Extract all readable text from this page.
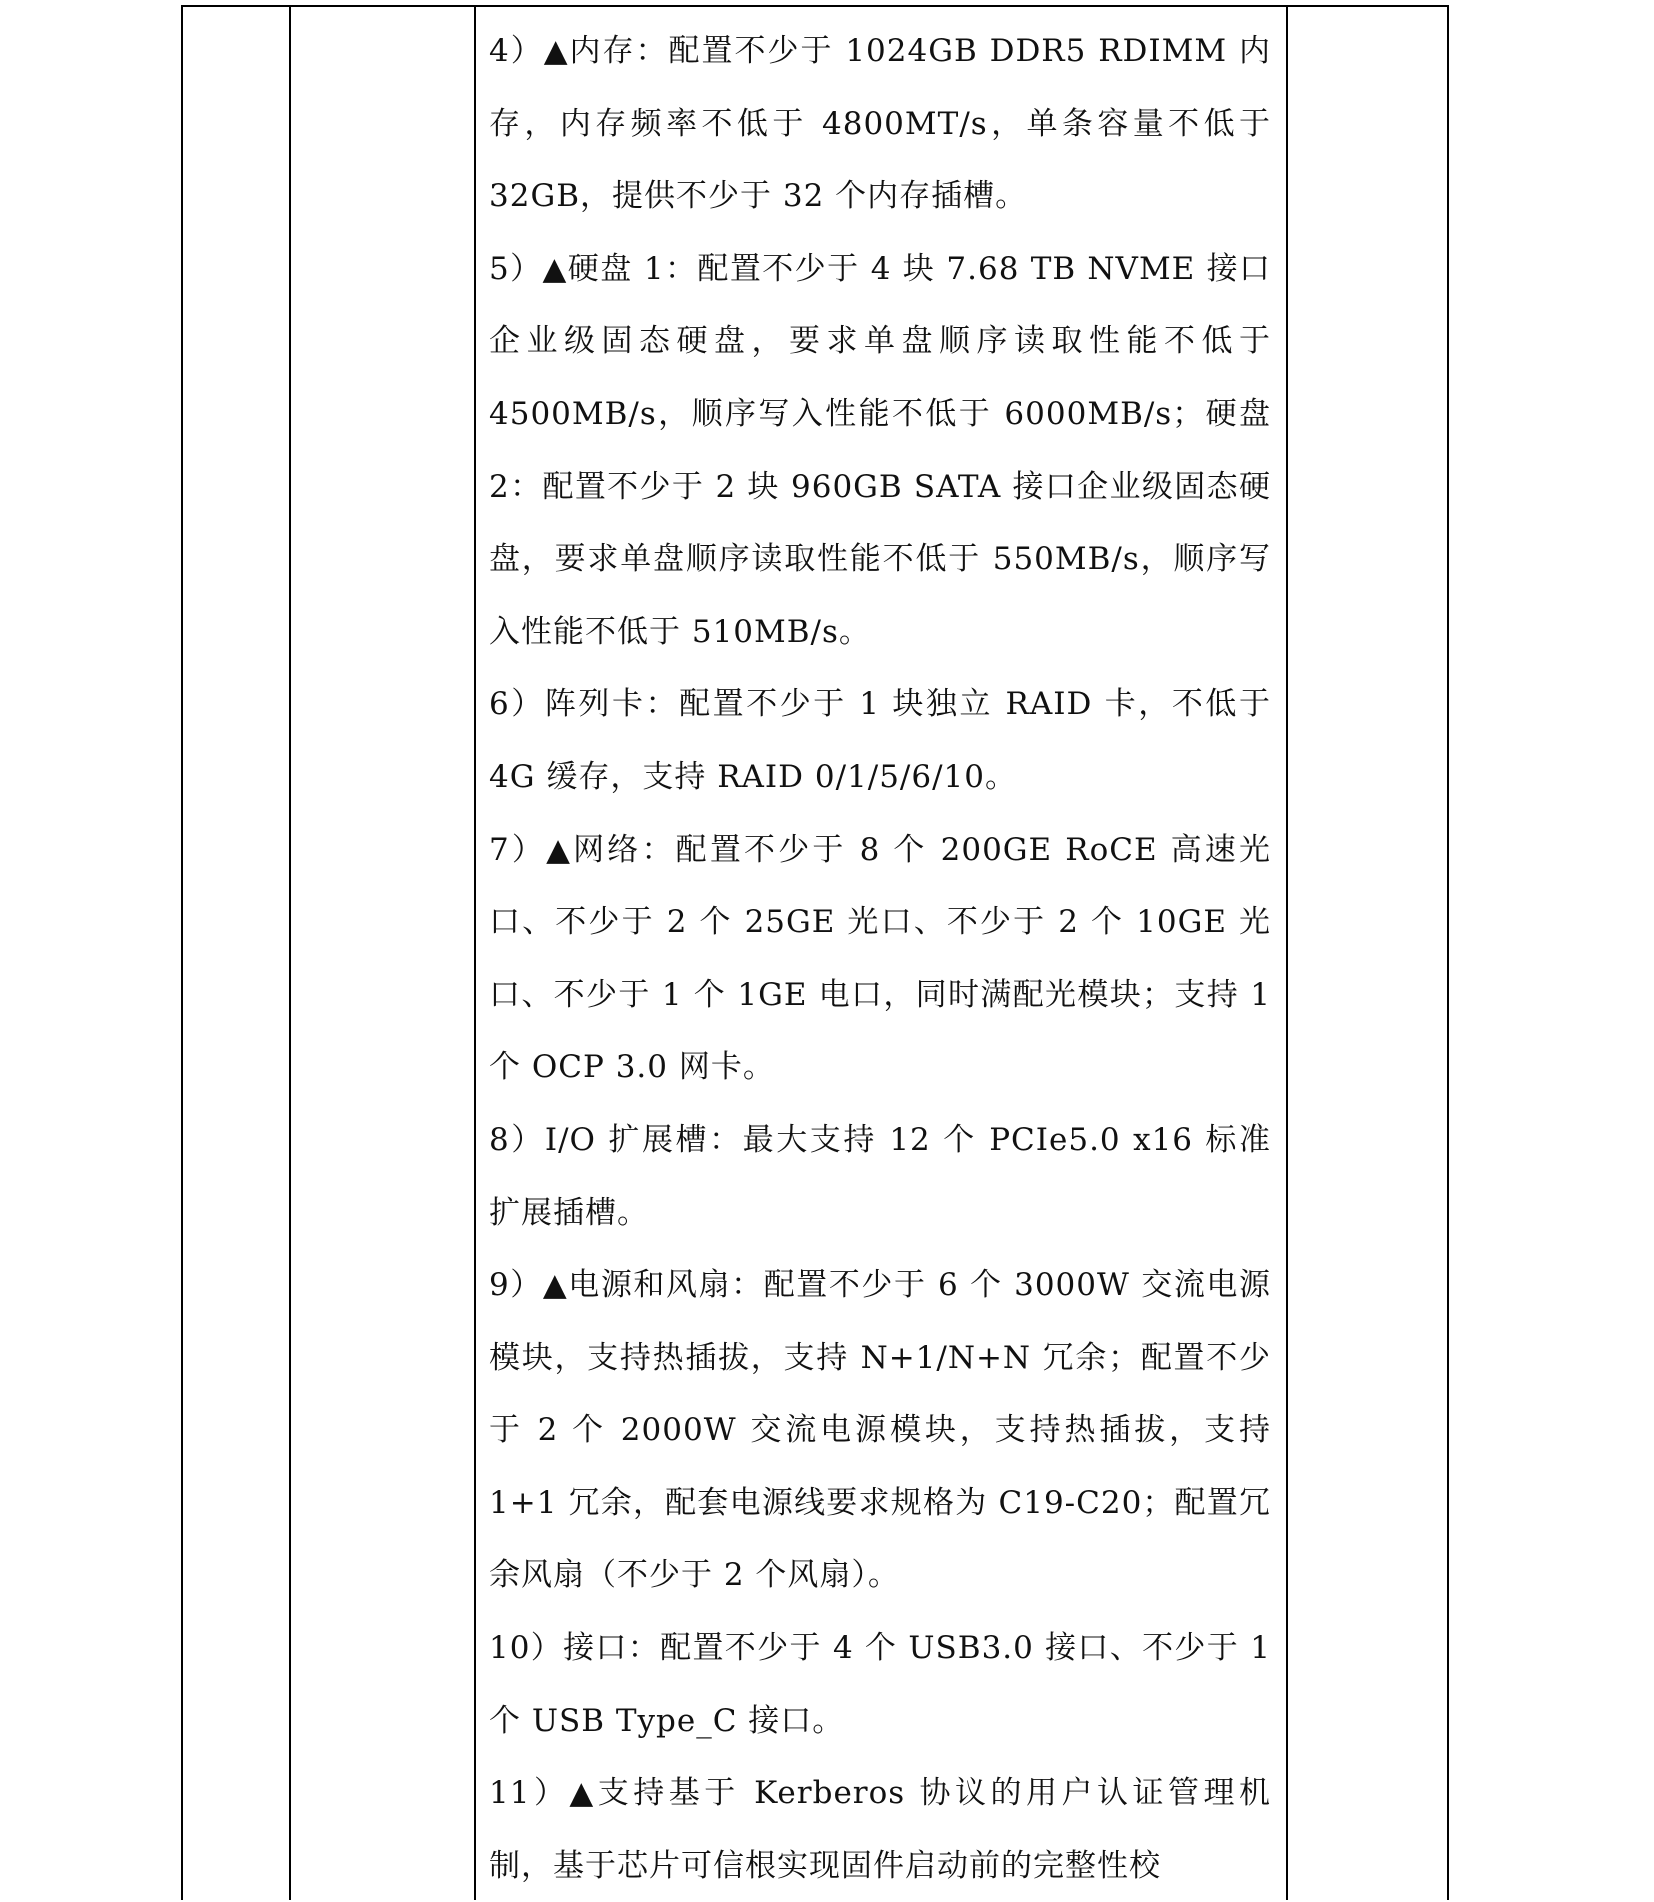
4）▲内存：配置不少于 1024GB DDR5 RDIMM 内存，内存频率不低于 4800MT/s，单条容量不低于 32GB，提供不少于 32 个内存插槽。

5）▲硬盘 1：配置不少于 4 块 7.68 TB NVME 接口企业级固态硬盘，要求单盘顺序读取性能不低于 4500MB/s，顺序写入性能不低于 6000MB/s；硬盘 2：配置不少于 2 块 960GB SATA 接口企业级固态硬盘，要求单盘顺序读取性能不低于 550MB/s，顺序写入性能不低于 510MB/s。

6）阵列卡：配置不少于 1 块独立 RAID 卡，不低于 4G 缓存，支持 RAID 0/1/5/6/10。

7）▲网络：配置不少于 8 个 200GE RoCE 高速光口、不少于 2 个 25GE 光口、不少于 2 个 10GE 光口、不少于 1 个 1GE 电口，同时满配光模块；支持 1 个 OCP 3.0 网卡。

8）I/O 扩展槽：最大支持 12 个 PCIe5.0 x16 标准扩展插槽。

9）▲电源和风扇：配置不少于 6 个 3000W 交流电源模块，支持热插拔，支持 N+1/N+N 冗余；配置不少于 2 个 2000W 交流电源模块，支持热插拔，支持 1+1 冗余，配套电源线要求规格为 C19-C20；配置冗余风扇（不少于 2 个风扇）。

10）接口：配置不少于 4 个 USB3.0 接口、不少于 1 个 USB Type_C 接口。

11）▲支持基于 Kerberos 协议的用户认证管理机制，基于芯片可信根实现固件启动前的完整性校
